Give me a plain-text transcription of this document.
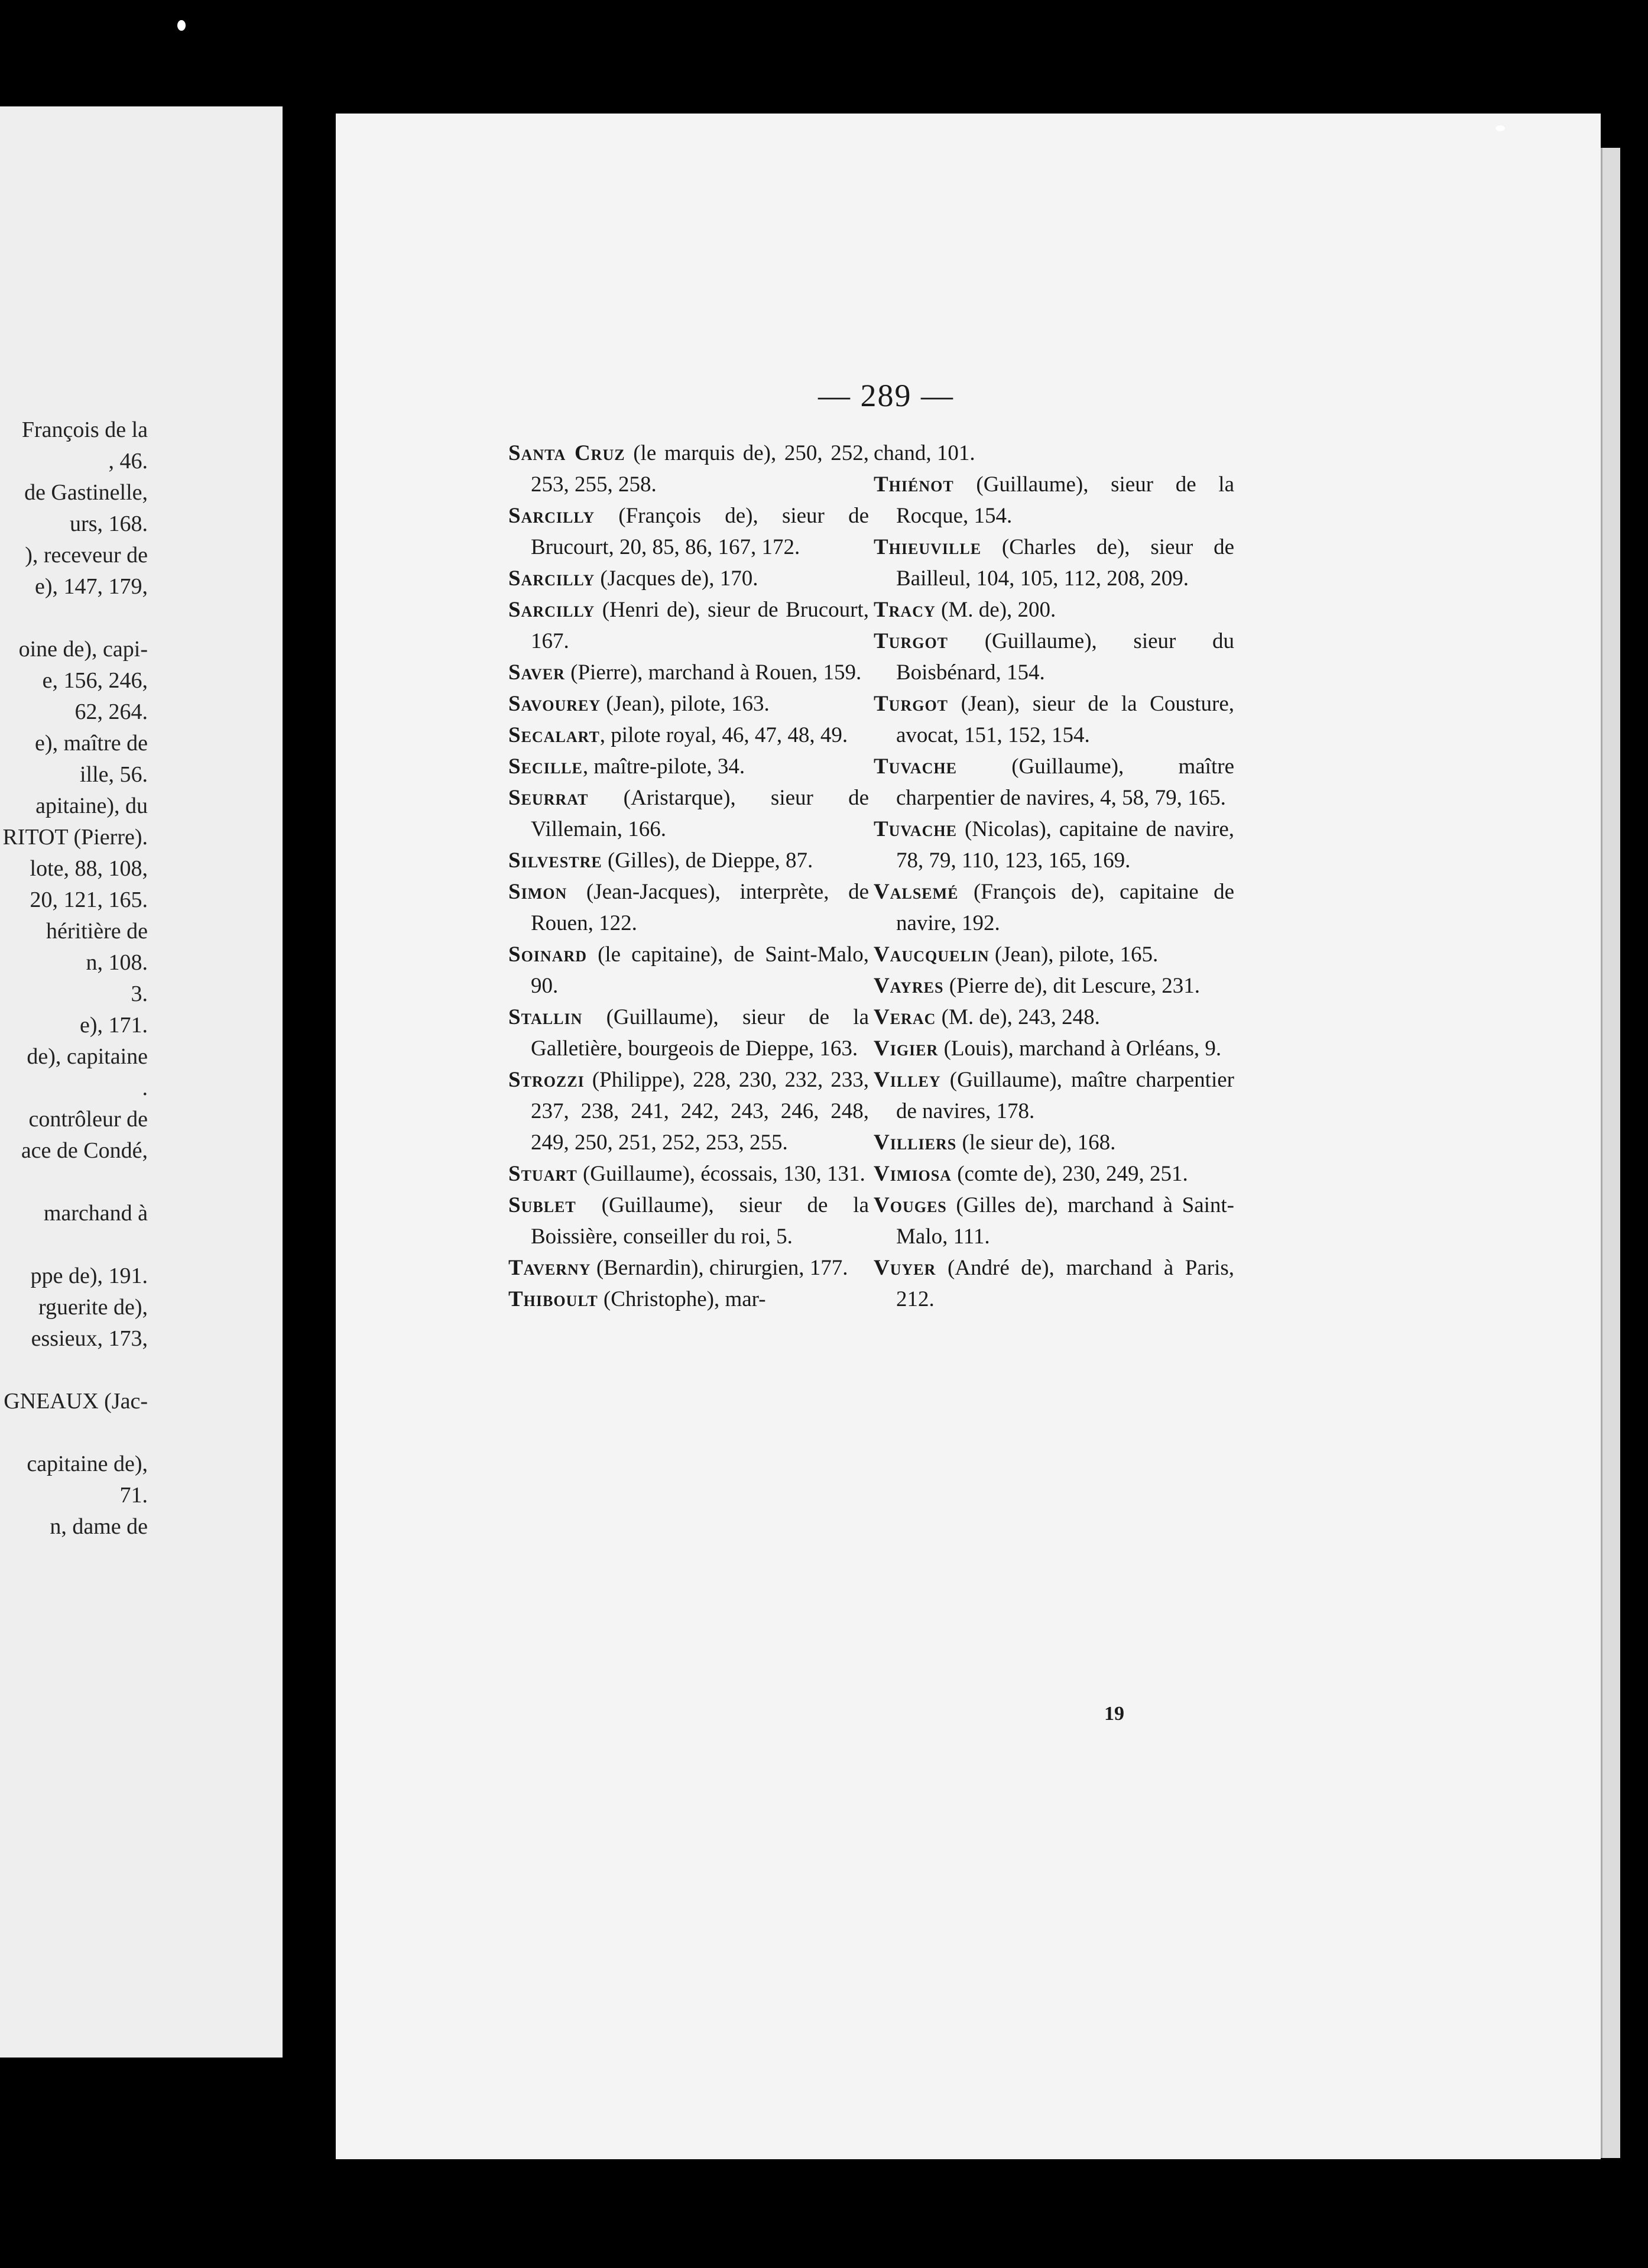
François de la
, 46.
de Gastinelle,
urs, 168.
), receveur de
e), 147, 179,
oine de), capi-
e, 156, 246,
62, 264.
e), maître de
ille, 56.
apitaine), du
RITOT (Pierre).
lote, 88, 108,
20, 121, 165.
héritière de
n, 108.
3.
e), 171.
de), capitaine
.
contrôleur de
ace de Condé,
marchand à
ppe de), 191.
rguerite de),
essieux, 173,
GNEAUX (Jac-
capitaine de),
71.
n, dame de
— 289 —

Santa Cruz (le marquis de), 250, 252, 253, 255, 258.

Sarcilly (François de), sieur de Brucourt, 20, 85, 86, 167, 172.

Sarcilly (Jacques de), 170.

Sarcilly (Henri de), sieur de Brucourt, 167.

Saver (Pierre), marchand à Rouen, 159.

Savourey (Jean), pilote, 163.

Secalart, pilote royal, 46, 47, 48, 49.

Secille, maître-pilote, 34.

Seurrat (Aristarque), sieur de Villemain, 166.

Silvestre (Gilles), de Dieppe, 87.

Simon (Jean-Jacques), interprète, de Rouen, 122.

Soinard (le capitaine), de Saint-Malo, 90.

Stallin (Guillaume), sieur de la Galletière, bourgeois de Dieppe, 163.

Strozzi (Philippe), 228, 230, 232, 233, 237, 238, 241, 242, 243, 246, 248, 249, 250, 251, 252, 253, 255.

Stuart (Guillaume), écossais, 130, 131.

Sublet (Guillaume), sieur de la Boissière, conseiller du roi, 5.

Taverny (Bernardin), chirurgien, 177.

Thiboult (Christophe), mar-

chand, 101.

Thiénot (Guillaume), sieur de la Rocque, 154.

Thieuville (Charles de), sieur de Bailleul, 104, 105, 112, 208, 209.

Tracy (M. de), 200.

Turgot (Guillaume), sieur du Boisbénard, 154.

Turgot (Jean), sieur de la Cousture, avocat, 151, 152, 154.

Tuvache (Guillaume), maître charpentier de navires, 4, 58, 79, 165.

Tuvache (Nicolas), capitaine de navire, 78, 79, 110, 123, 165, 169.

Valsemé (François de), capitaine de navire, 192.

Vaucquelin (Jean), pilote, 165.

Vayres (Pierre de), dit Lescure, 231.

Verac (M. de), 243, 248.

Vigier (Louis), marchand à Orléans, 9.

Villey (Guillaume), maître charpentier de navires, 178.

Villiers (le sieur de), 168.

Vimiosa (comte de), 230, 249, 251.

Vouges (Gilles de), marchand à Saint-Malo, 111.

Vuyer (André de), marchand à Paris, 212.

19
